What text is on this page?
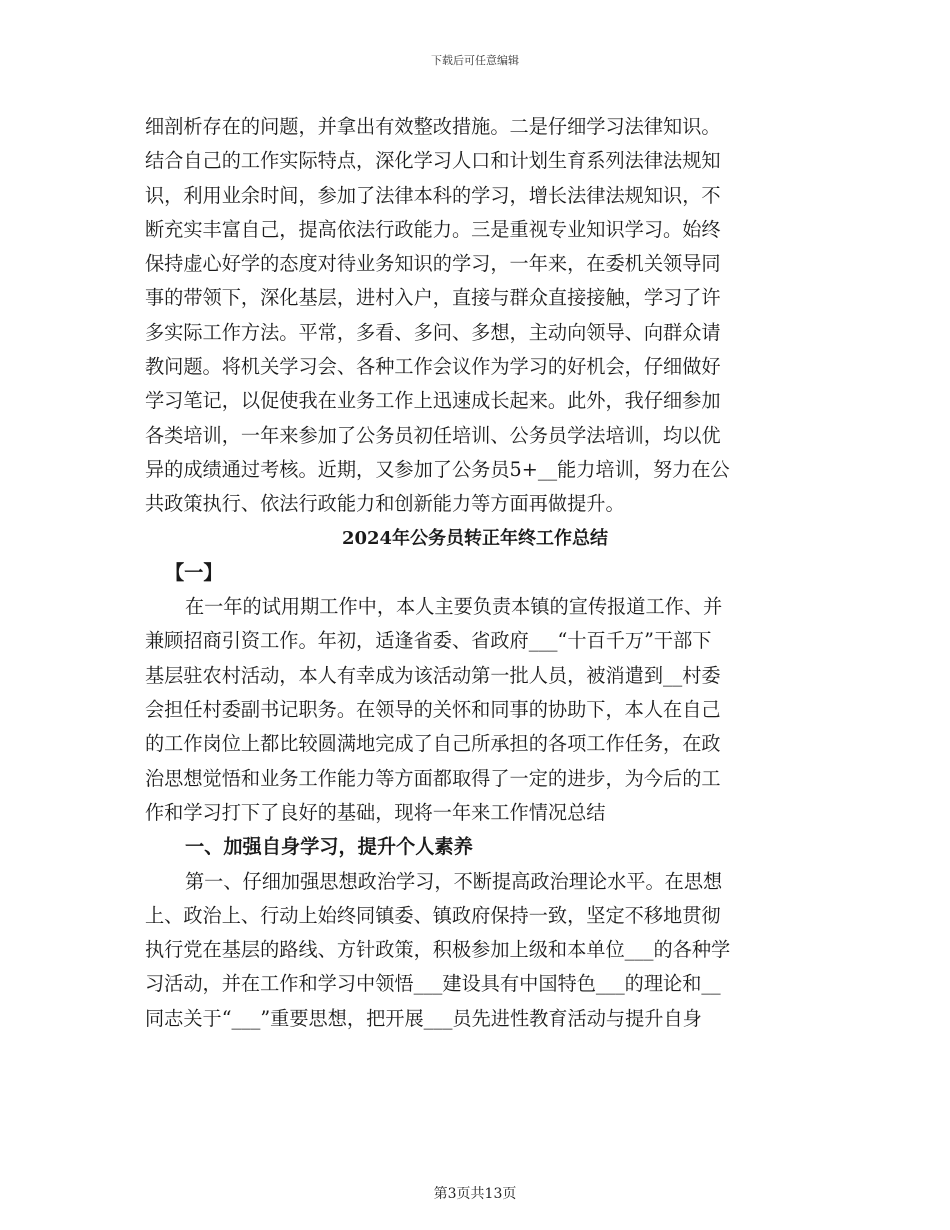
下载后可任意编辑
细剖析存在的问题，并拿出有效整改措施。二是仔细学习法律知识。
结合自己的工作实际特点，深化学习人口和计划生育系列法律法规知
识，利用业余时间，参加了法律本科的学习，增长法律法规知识，不
断充实丰富自己，提高依法行政能力。三是重视专业知识学习。始终
保持虚心好学的态度对待业务知识的学习，一年来，在委机关领导同
事的带领下，深化基层，进村入户，直接与群众直接接触，学习了许
多实际工作方法。平常，多看、多问、多想，主动向领导、向群众请
教问题。将机关学习会、各种工作会议作为学习的好机会，仔细做好
学习笔记，以促使我在业务工作上迅速成长起来。此外，我仔细参加
各类培训，一年来参加了公务员初任培训、公务员学法培训，均以优
异的成绩通过考核。近期，又参加了公务员5+__能力培训，努力在公
共政策执行、依法行政能力和创新能力等方面再做提升。
2024年公务员转正年终工作总结
【一】
在一年的试用期工作中，本人主要负责本镇的宣传报道工作、并
兼顾招商引资工作。年初，适逢省委、省政府___“十百千万”干部下
基层驻农村活动，本人有幸成为该活动第一批人员，被消遣到__村委
会担任村委副书记职务。在领导的关怀和同事的协助下，本人在自己
的工作岗位上都比较圆满地完成了自己所承担的各项工作任务，在政
治思想觉悟和业务工作能力等方面都取得了一定的进步，为今后的工
作和学习打下了良好的基础，现将一年来工作情况总结
一、加强自身学习，提升个人素养
第一、仔细加强思想政治学习，不断提高政治理论水平。在思想
上、政治上、行动上始终同镇委、镇政府保持一致，坚定不移地贯彻
执行党在基层的路线、方针政策，积极参加上级和本单位___的各种学
习活动，并在工作和学习中领悟___建设具有中国特色___的理论和__
同志关于“___”重要思想，把开展___员先进性教育活动与提升自身
第3页共13页
